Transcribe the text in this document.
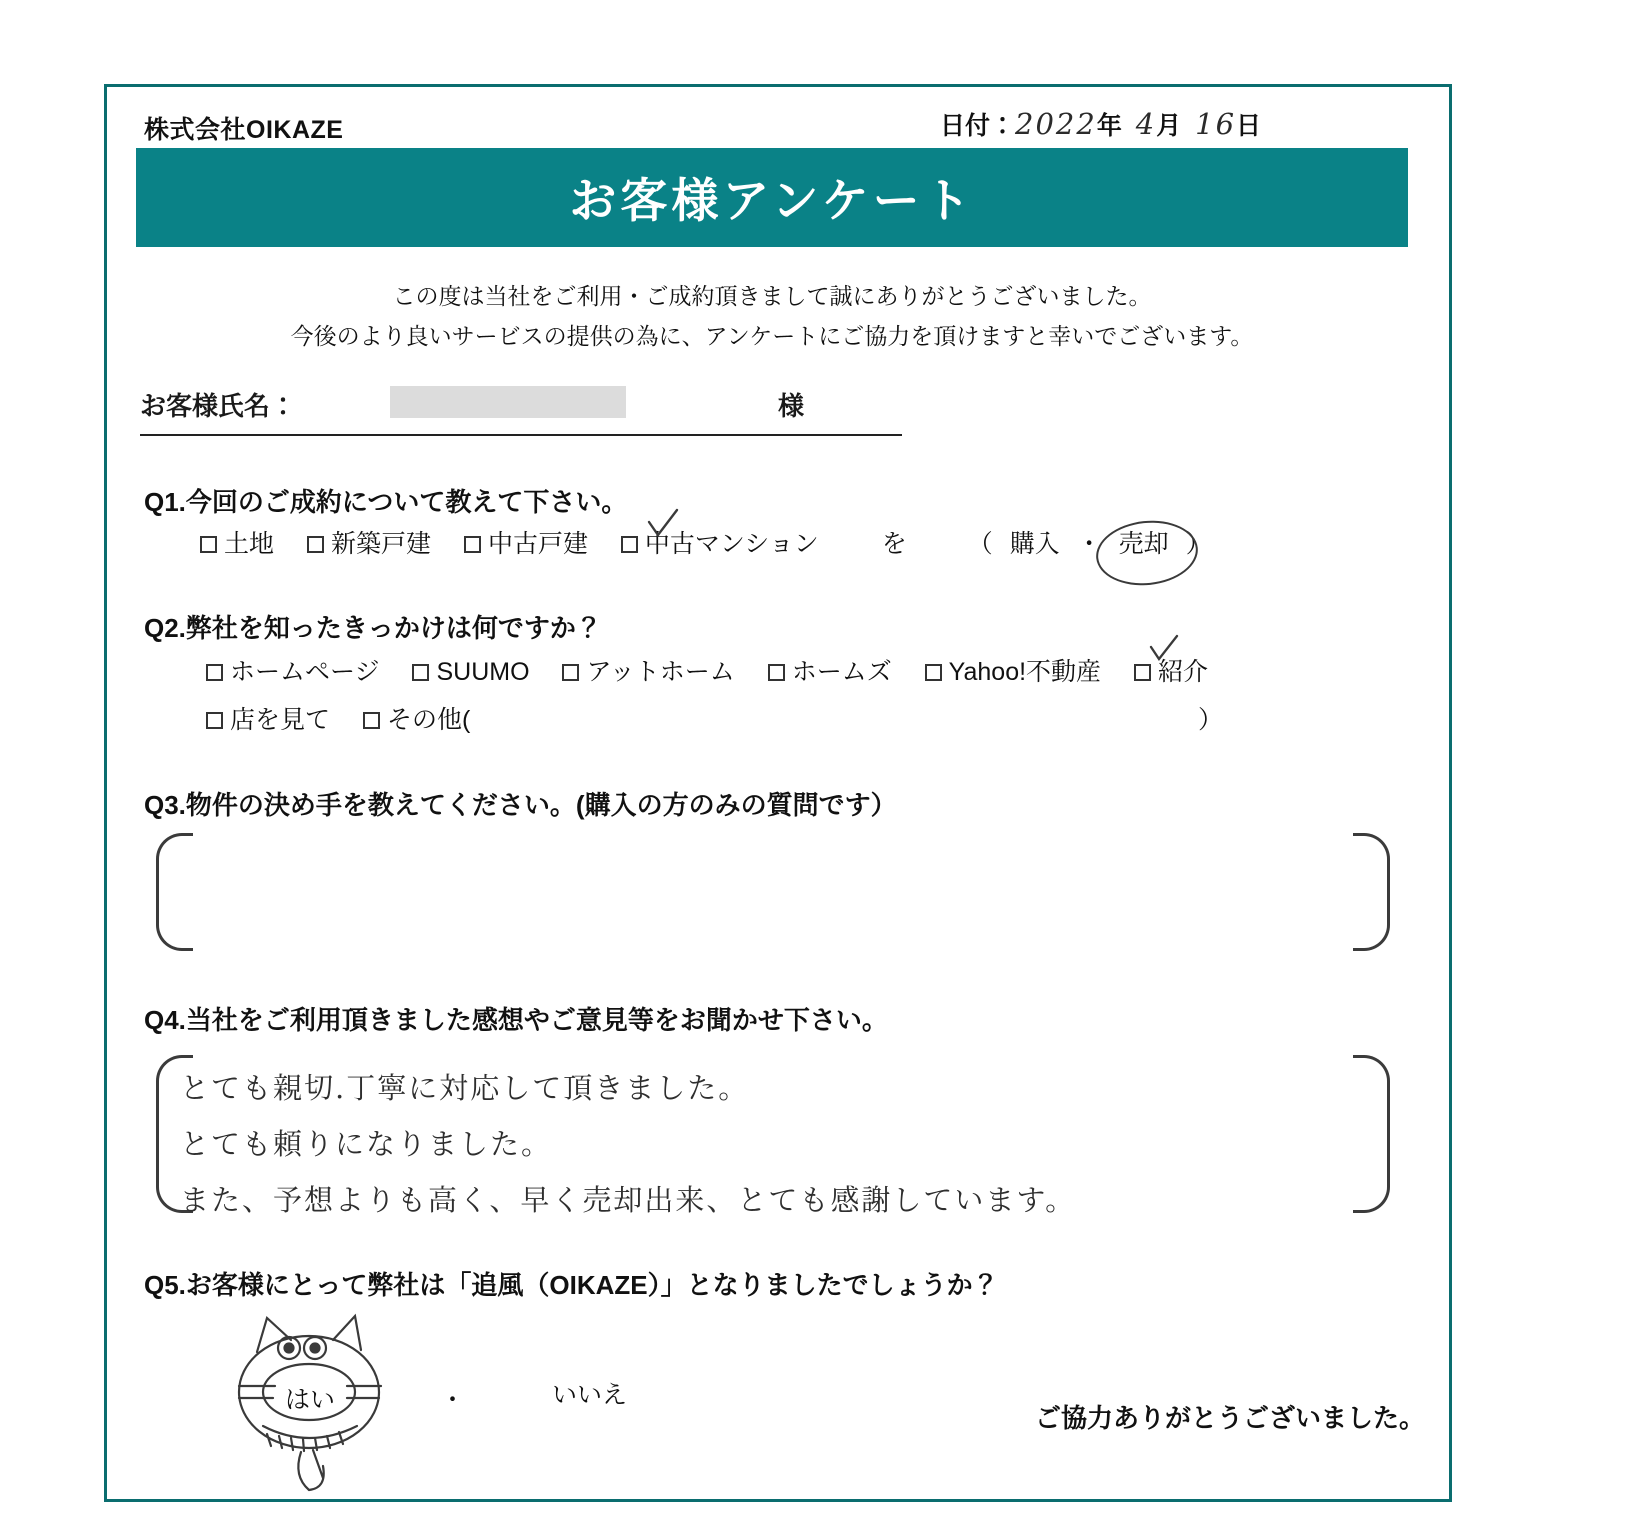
株式会社OIKAZE	日付：2022年 4月 16日
お客様アンケート
この度は当社をご利用・ご成約頂きまして誠にありがとうございました。
今後のより良いサービスの提供の為に、アンケートにご協力を頂けますと幸いでございます。
お客様氏名：	様
Q1.今回のご成約について教えて下さい。
土地 新築戸建 中古戸建 中古マンション	を （ 購入 ・ 売却 ）
Q2.弊社を知ったきっかけは何ですか？
ホームページ SUUMO アットホーム ホームズ Yahoo!不動産 紹介
店を見て その他(	）
Q3.物件の決め手を教えてください。(購入の方のみの質問です）
Q4.当社をご利用頂きました感想やご意見等をお聞かせ下さい。
とても親切.丁寧に対応して頂きました。
とても頼りになりました。
また、予想よりも高く、早く売却出来、とても感謝しています。
Q5.お客様にとって弊社は「追風（OIKAZE）」となりましたでしょうか？
はい	・	いいえ
ご協力ありがとうございました。
